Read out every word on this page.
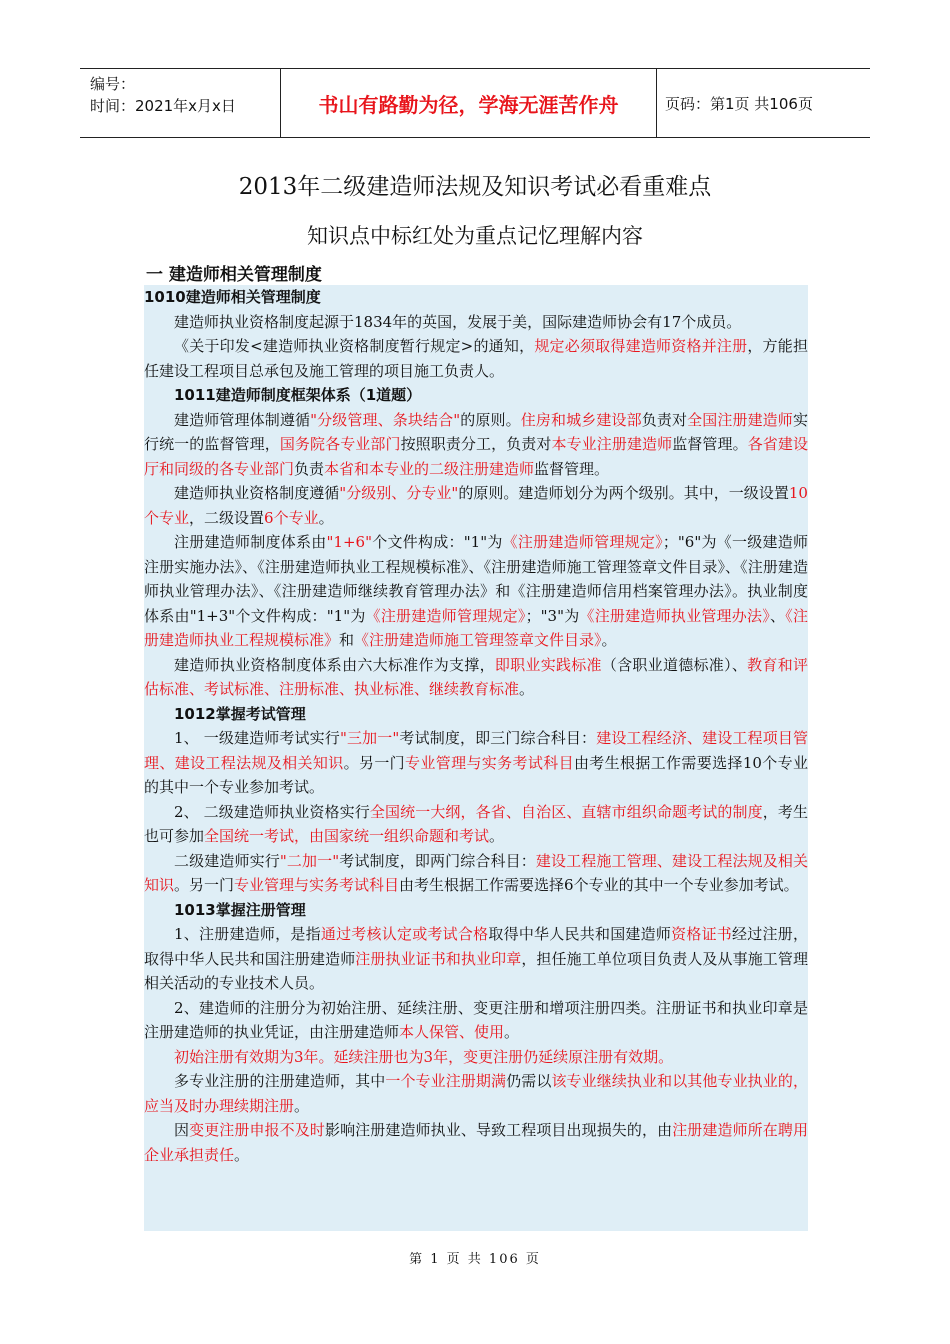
编号：
时间：2021年x月x日	书山有路勤为径，学海无涯苦作舟	页码：第1页 共106页
2013年二级建造师法规及知识考试必看重难点
知识点中标红处为重点记忆理解内容
一 建造师相关管理制度

1010建造师相关管理制度

建造师执业资格制度起源于1834年的英国，发展于美，国际建造师协会有17个成员。

《关于印发<建造师执业资格制度暂行规定>的通知，规定必须取得建造师资格并注册，方能担任建设工程项目总承包及施工管理的项目施工负责人。

1011建造师制度框架体系（1道题）

建造师管理体制遵循"分级管理、条块结合"的原则。住房和城乡建设部负责对全国注册建造师实行统一的监督管理，国务院各专业部门按照职责分工，负责对本专业注册建造师监督管理。各省建设厅和同级的各专业部门负责本省和本专业的二级注册建造师监督管理。

建造师执业资格制度遵循"分级别、分专业"的原则。建造师划分为两个级别。其中，一级设置10个专业，二级设置6个专业。

注册建造师制度体系由"1+6"个文件构成："1"为《注册建造师管理规定》；"6"为《一级建造师注册实施办法》、《注册建造师执业工程规模标准》、《注册建造师施工管理签章文件目录》、《注册建造师执业管理办法》、《注册建造师继续教育管理办法》和《注册建造师信用档案管理办法》。执业制度体系由"1+3"个文件构成："1"为《注册建造师管理规定》；"3"为《注册建造师执业管理办法》、《注册建造师执业工程规模标准》和《注册建造师施工管理签章文件目录》。

建造师执业资格制度体系由六大标准作为支撑，即职业实践标准（含职业道德标准）、教育和评估标准、考试标准、注册标准、执业标准、继续教育标准。

1012掌握考试管理

1、 一级建造师考试实行"三加一"考试制度，即三门综合科目：建设工程经济、建设工程项目管理、建设工程法规及相关知识。另一门专业管理与实务考试科目由考生根据工作需要选择10个专业的其中一个专业参加考试。

2、 二级建造师执业资格实行全国统一大纲，各省、自治区、直辖市组织命题考试的制度，考生也可参加全国统一考试，由国家统一组织命题和考试。

二级建造师实行"二加一"考试制度，即两门综合科目：建设工程施工管理、建设工程法规及相关知识。另一门专业管理与实务考试科目由考生根据工作需要选择6个专业的其中一个专业参加考试。

1013掌握注册管理

1、注册建造师，是指通过考核认定或考试合格取得中华人民共和国建造师资格证书经过注册，取得中华人民共和国注册建造师注册执业证书和执业印章，担任施工单位项目负责人及从事施工管理相关活动的专业技术人员。

2、建造师的注册分为初始注册、延续注册、变更注册和增项注册四类。注册证书和执业印章是注册建造师的执业凭证，由注册建造师本人保管、使用。

初始注册有效期为3年。延续注册也为3年，变更注册仍延续原注册有效期。

多专业注册的注册建造师，其中一个专业注册期满仍需以该专业继续执业和以其他专业执业的，应当及时办理续期注册。

因变更注册申报不及时影响注册建造师执业、导致工程项目出现损失的，由注册建造师所在聘用企业承担责任。

第 1 页 共 106 页
